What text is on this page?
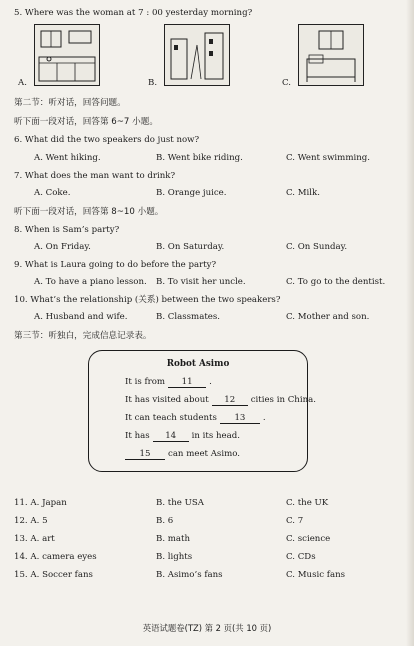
5. Where was the woman at 7 : 00 yesterday morning?
A.	B.	C.
第二节：听对话，回答问题。
听下面一段对话，回答第 6~7 小题。
6. What did the two speakers do just now?
A. Went hiking.	B. Went bike riding.	C. Went swimming.
7. What does the man want to drink?
A. Coke.	B. Orange juice.	C. Milk.
听下面一段对话，回答第 8~10 小题。
8. When is Sam’s party?
A. On Friday.	B. On Saturday.	C. On Sunday.
9. What is Laura going to do before the party?
A. To have a piano lesson. B. To visit her uncle.	C. To go to the dentist.
10. What’s the relationship (关系) between the two speakers?
A. Husband and wife.	B. Classmates.	C. Mother and son.
第三节：听独白，完成信息记录表。
Robot Asimo
It is from 11 .
It has visited about 12 cities in China.
It can teach students 13 .
It has 14 in its head.
15 can meet Asimo.
11. A. Japan	B. the USA	C. the UK
12. A. 5	B. 6	C. 7
13. A. art	B. math	C. science
14. A. camera eyes	B. lights	C. CDs
15. A. Soccer fans	B. Asimo’s fans	C. Music fans
英语试题卷(TZ) 第 2 页(共 10 页)
